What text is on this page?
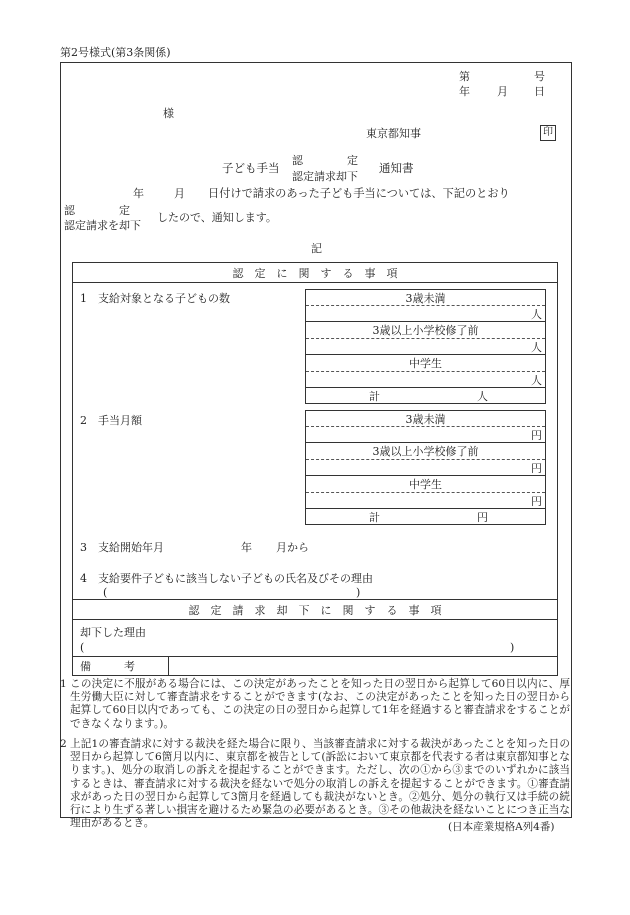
第2号様式(第3条関係)
第	号
年 月 日
様
東京都知事	印
子ども手当
認　　　　定
認定請求却下
通知書
年	月 日付けで請求のあった子ども手当については、下記のとおり
認　　　　定
認定請求を却下
したので、通知します。
記
認　定　に　関　す　る　事　項
1　支給対象となる子どもの数	3歳未満
人
3歳以上小学校修了前
人
中学生
人
計	人
2　手当月額	3歳未満
円
3歳以上小学校修了前
円
中学生
円
計	円
3　支給開始年月	年 月から
4　支給要件子どもに該当しない子どもの氏名及びその理由
(	)
認　定　請　求　却　下　に　関　す　る　事　項
却下した理由
(	)
備　　　考
1 この決定に不服がある場合には、この決定があったことを知った日の翌日から起算して60日以内に、厚生労働大臣に対して審査請求をすることができます(なお、この決定があったことを知った日の翌日から起算して60日以内であっても、この決定の日の翌日から起算して1年を経過すると審査請求をすることができなくなります。)。
2 上記1の審査請求に対する裁決を経た場合に限り、当該審査請求に対する裁決があったことを知った日の翌日から起算して6箇月以内に、東京都を被告として(訴訟において東京都を代表する者は東京都知事となります。)、処分の取消しの訴えを提起することができます。ただし、次の①から③までのいずれかに該当するときは、審査請求に対する裁決を経ないで処分の取消しの訴えを提起することができます。①審査請求があった日の翌日から起算して3箇月を経過しても裁決がないとき。②処分、処分の執行又は手続の続行により生ずる著しい損害を避けるため緊急の必要があるとき。③その他裁決を経ないことにつき正当な理由があるとき。	(日本産業規格A列4番)
